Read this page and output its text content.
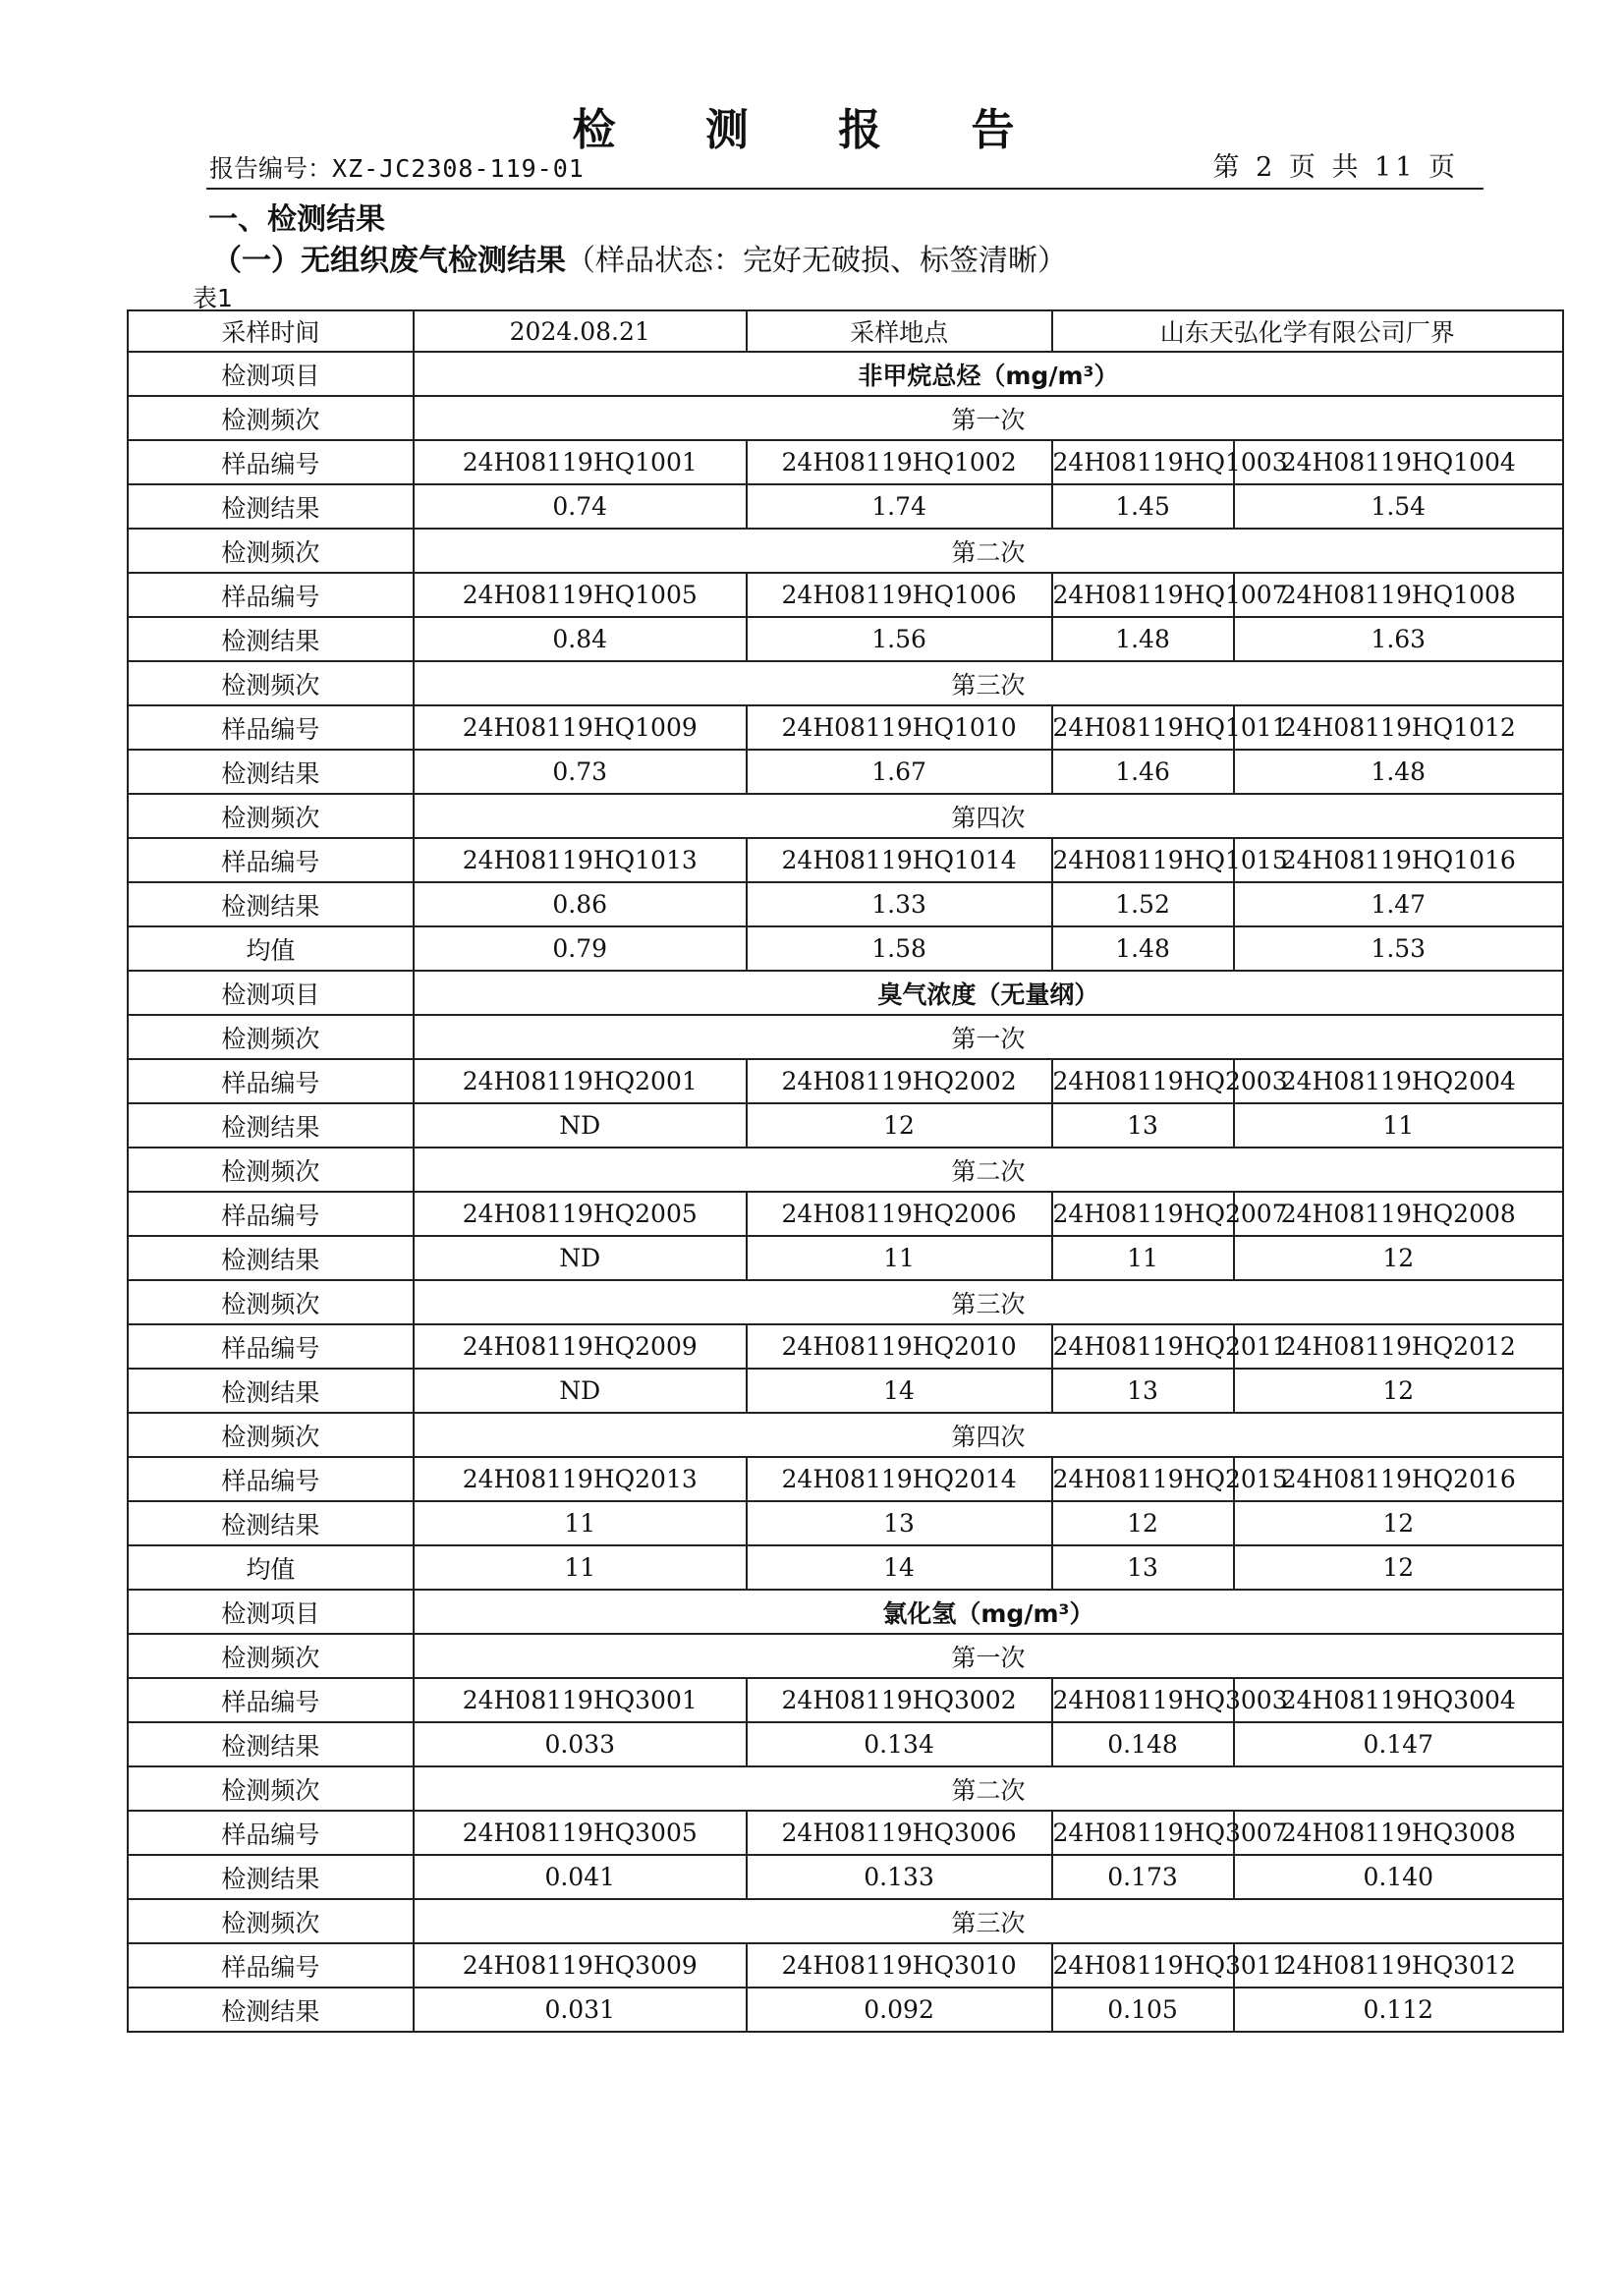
检 测 报 告
报告编号：XZ-JC2308-119-01	第 2 页 共 11 页
一、检测结果
（一）无组织废气检测结果（样品状态：完好无破损、标签清晰）
表1
采样时间	2024.08.21	采样地点	山东天弘化学有限公司厂界	
检测项目	非甲烷总烃（mg/m³）			
检测频次	第一次			
样品编号	24H08119HQ1001	24H08119HQ1002	24H08119HQ1003	24H08119HQ1004
检测结果	0.74	1.74	1.45	1.54
检测频次	第二次			
样品编号	24H08119HQ1005	24H08119HQ1006	24H08119HQ1007	24H08119HQ1008
检测结果	0.84	1.56	1.48	1.63
检测频次	第三次			
样品编号	24H08119HQ1009	24H08119HQ1010	24H08119HQ1011	24H08119HQ1012
检测结果	0.73	1.67	1.46	1.48
检测频次	第四次			
样品编号	24H08119HQ1013	24H08119HQ1014	24H08119HQ1015	24H08119HQ1016
检测结果	0.86	1.33	1.52	1.47
均值	0.79	1.58	1.48	1.53
检测项目	臭气浓度（无量纲）			
检测频次	第一次			
样品编号	24H08119HQ2001	24H08119HQ2002	24H08119HQ2003	24H08119HQ2004
检测结果	ND	12	13	11
检测频次	第二次			
样品编号	24H08119HQ2005	24H08119HQ2006	24H08119HQ2007	24H08119HQ2008
检测结果	ND	11	11	12
检测频次	第三次			
样品编号	24H08119HQ2009	24H08119HQ2010	24H08119HQ2011	24H08119HQ2012
检测结果	ND	14	13	12
检测频次	第四次			
样品编号	24H08119HQ2013	24H08119HQ2014	24H08119HQ2015	24H08119HQ2016
检测结果	11	13	12	12
均值	11	14	13	12
检测项目	氯化氢（mg/m³）			
检测频次	第一次			
样品编号	24H08119HQ3001	24H08119HQ3002	24H08119HQ3003	24H08119HQ3004
检测结果	0.033	0.134	0.148	0.147
检测频次	第二次			
样品编号	24H08119HQ3005	24H08119HQ3006	24H08119HQ3007	24H08119HQ3008
检测结果	0.041	0.133	0.173	0.140
检测频次	第三次			
样品编号	24H08119HQ3009	24H08119HQ3010	24H08119HQ3011	24H08119HQ3012
检测结果	0.031	0.092	0.105	0.112
